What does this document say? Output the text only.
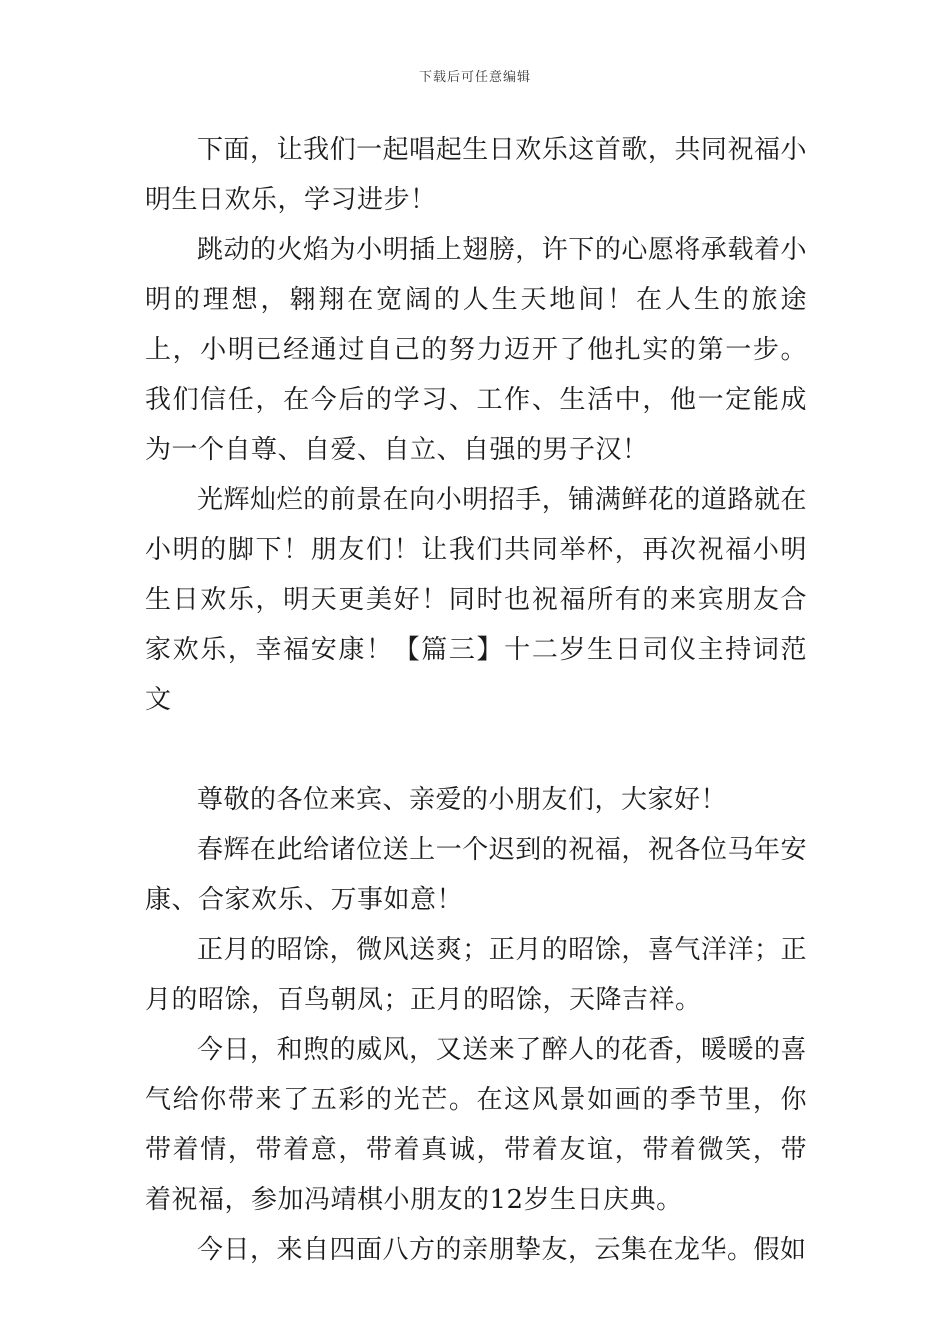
下载后可任意编辑

下面，让我们一起唱起生日欢乐这首歌，共同祝福小明生日欢乐，学习进步！

跳动的火焰为小明插上翅膀，许下的心愿将承载着小明的理想，翱翔在宽阔的人生天地间！在人生的旅途上，小明已经通过自己的努力迈开了他扎实的第一步。我们信任，在今后的学习、工作、生活中，他一定能成为一个自尊、自爱、自立、自强的男子汉！

光辉灿烂的前景在向小明招手，铺满鲜花的道路就在小明的脚下！朋友们！让我们共同举杯，再次祝福小明生日欢乐，明天更美好！同时也祝福所有的来宾朋友合家欢乐，幸福安康！【篇三】十二岁生日司仪主持词范文

尊敬的各位来宾、亲爱的小朋友们，大家好！

春辉在此给诸位送上一个迟到的祝福，祝各位马年安康、合家欢乐、万事如意！

正月的昭馀，微风送爽；正月的昭馀，喜气洋洋；正月的昭馀，百鸟朝凤；正月的昭馀，天降吉祥。

今日，和煦的威风，又送来了醉人的花香，暖暖的喜气给你带来了五彩的光芒。在这风景如画的季节里，你带着情，带着意，带着真诚，带着友谊，带着微笑，带着祝福，参加冯靖棋小朋友的12岁生日庆典。

今日，来自四面八方的亲朋挚友，云集在龙华。假如
